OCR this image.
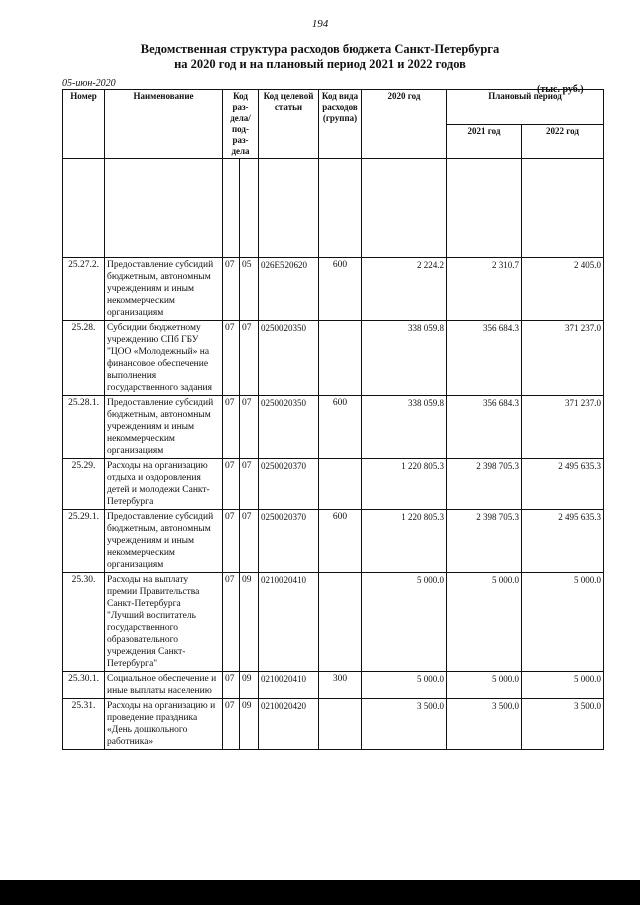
194
Ведомственная структура расходов бюджета Санкт-Петербурга
на 2020 год и на плановый период 2021 и 2022 годов
05-июн-2020
(тыс. руб.)
Номер	Наименование	Код раз-дела/ под-раз-дела		Код целевой статьи	Код вида расходов (группа)	2020 год	Плановый период	
							2021 год	2022 год

25.27.2.	Предоставление субсидий бюджетным, автономным учреждениям и иным некоммерческим организациям	07	05	026E520620	600	2 224.2	2 310.7	2 405.0
25.28.	Субсидии бюджетному учреждению СПб ГБУ "ЦОО «Молодежный» на финансовое обеспечение выполнения государственного задания	07	07	0250020350		338 059.8	356 684.3	371 237.0
25.28.1.	Предоставление субсидий бюджетным, автономным учреждениям и иным некоммерческим организациям	07	07	0250020350	600	338 059.8	356 684.3	371 237.0
25.29.	Расходы на организацию отдыха и оздоровления детей и молодежи Санкт-Петербурга	07	07	0250020370		1 220 805.3	2 398 705.3	2 495 635.3
25.29.1.	Предоставление субсидий бюджетным, автономным учреждениям и иным некоммерческим организациям	07	07	0250020370	600	1 220 805.3	2 398 705.3	2 495 635.3
25.30.	Расходы на выплату премии Правительства Санкт-Петербурга "Лучший воспитатель государственного образовательного учреждения Санкт-Петербурга"	07	09	0210020410		5 000.0	5 000.0	5 000.0
25.30.1.	Социальное обеспечение и иные выплаты населению	07	09	0210020410	300	5 000.0	5 000.0	5 000.0
25.31.	Расходы на организацию и проведение праздника «День дошкольного работника»	07	09	0210020420		3 500.0	3 500.0	3 500.0
